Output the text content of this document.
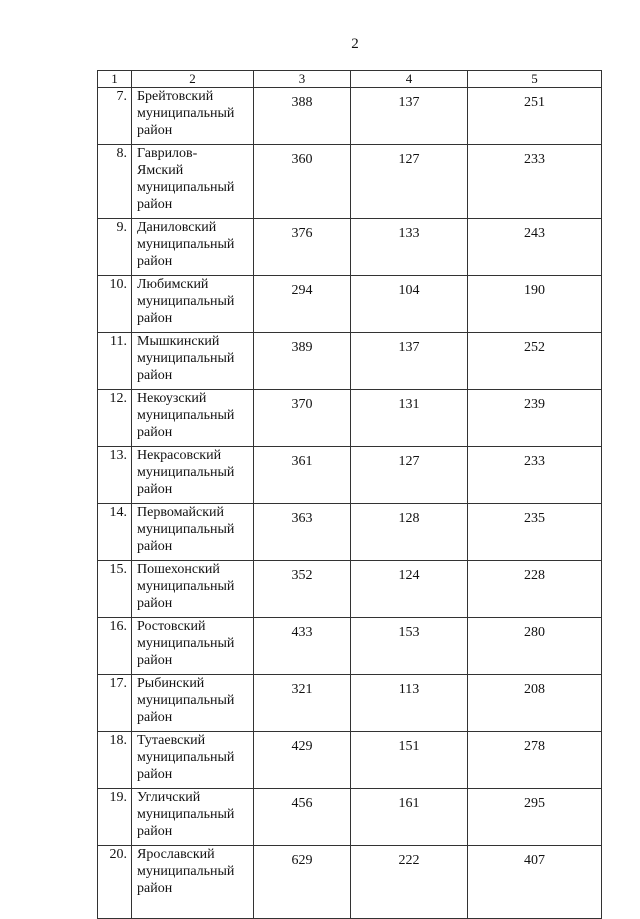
2
1	2	3	4	5
7.	Брейтовский
муниципальный
район	388	137	251
8.	Гаврилов-
Ямский
муниципальный
район	360	127	233
9.	Даниловский
муниципальный
район	376	133	243
10.	Любимский
муниципальный
район	294	104	190
11.	Мышкинский
муниципальный
район	389	137	252
12.	Некоузский
муниципальный
район	370	131	239
13.	Некрасовский
муниципальный
район	361	127	233
14.	Первомайский
муниципальный
район	363	128	235
15.	Пошехонский
муниципальный
район	352	124	228
16.	Ростовский
муниципальный
район	433	153	280
17.	Рыбинский
муниципальный
район	321	113	208
18.	Тутаевский
муниципальный
район	429	151	278
19.	Угличский
муниципальный
район	456	161	295
20.	Ярославский
муниципальный
район	629	222	407
